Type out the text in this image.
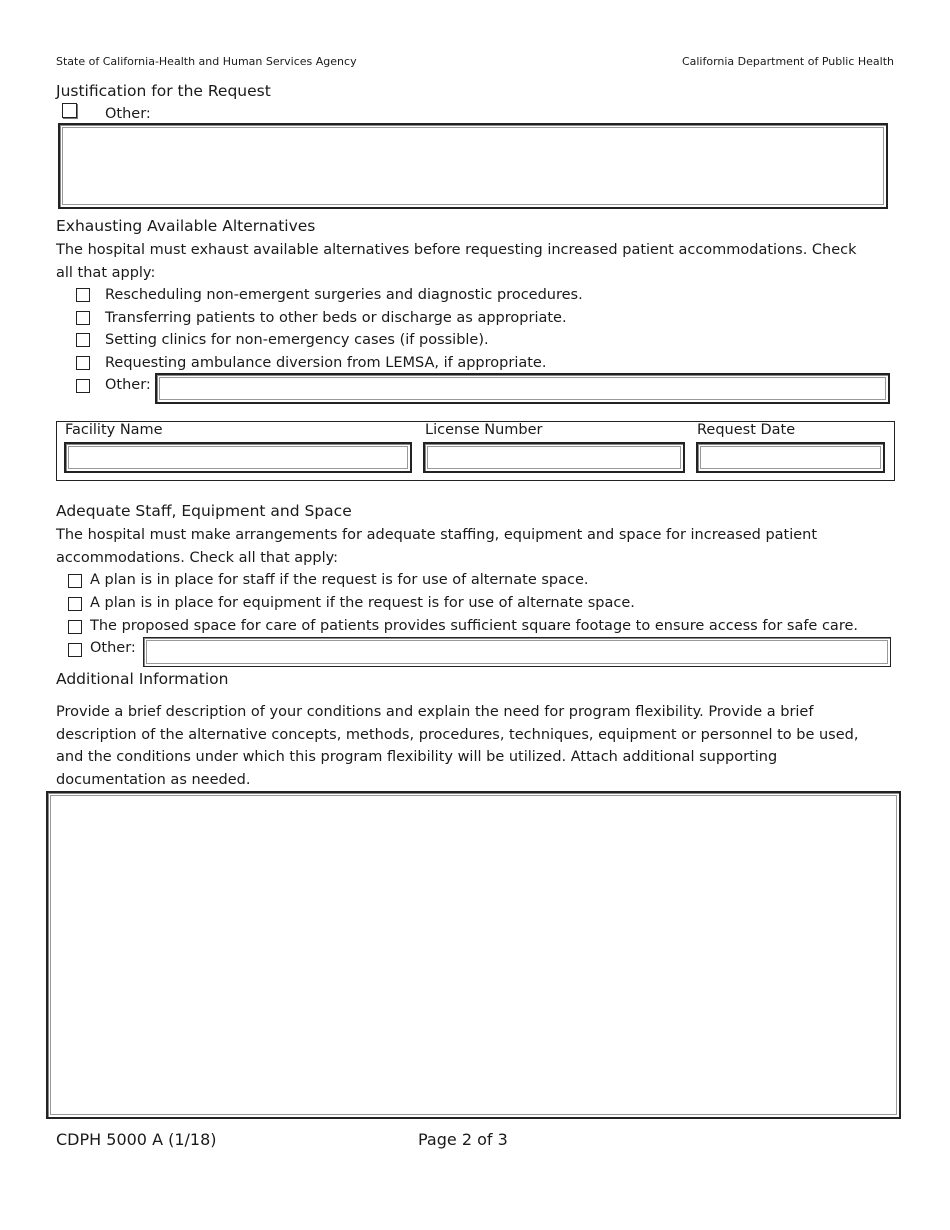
State of California-Health and Human Services Agency	California Department of Public Health
Justification for the Request
Other:
Exhausting Available Alternatives
The hospital must exhaust available alternatives before requesting increased patient accommodations. Check
all that apply:
Rescheduling non-emergent surgeries and diagnostic procedures.
Transferring patients to other beds or discharge as appropriate.
Setting clinics for non-emergency cases (if possible).
Requesting ambulance diversion from LEMSA, if appropriate.
Other:
Facility Name	License Number	Request Date
Adequate Staff, Equipment and Space
The hospital must make arrangements for adequate staffing, equipment and space for increased patient
accommodations. Check all that apply:
A plan is in place for staff if the request is for use of alternate space.
A plan is in place for equipment if the request is for use of alternate space.
The proposed space for care of patients provides sufficient square footage to ensure access for safe care.
Other:
Additional Information
Provide a brief description of your conditions and explain the need for program flexibility. Provide a brief
description of the alternative concepts, methods, procedures, techniques, equipment or personnel to be used,
and the conditions under which this program flexibility will be utilized. Attach additional supporting
documentation as needed.
CDPH 5000 A (1/18)	Page 2 of 3
